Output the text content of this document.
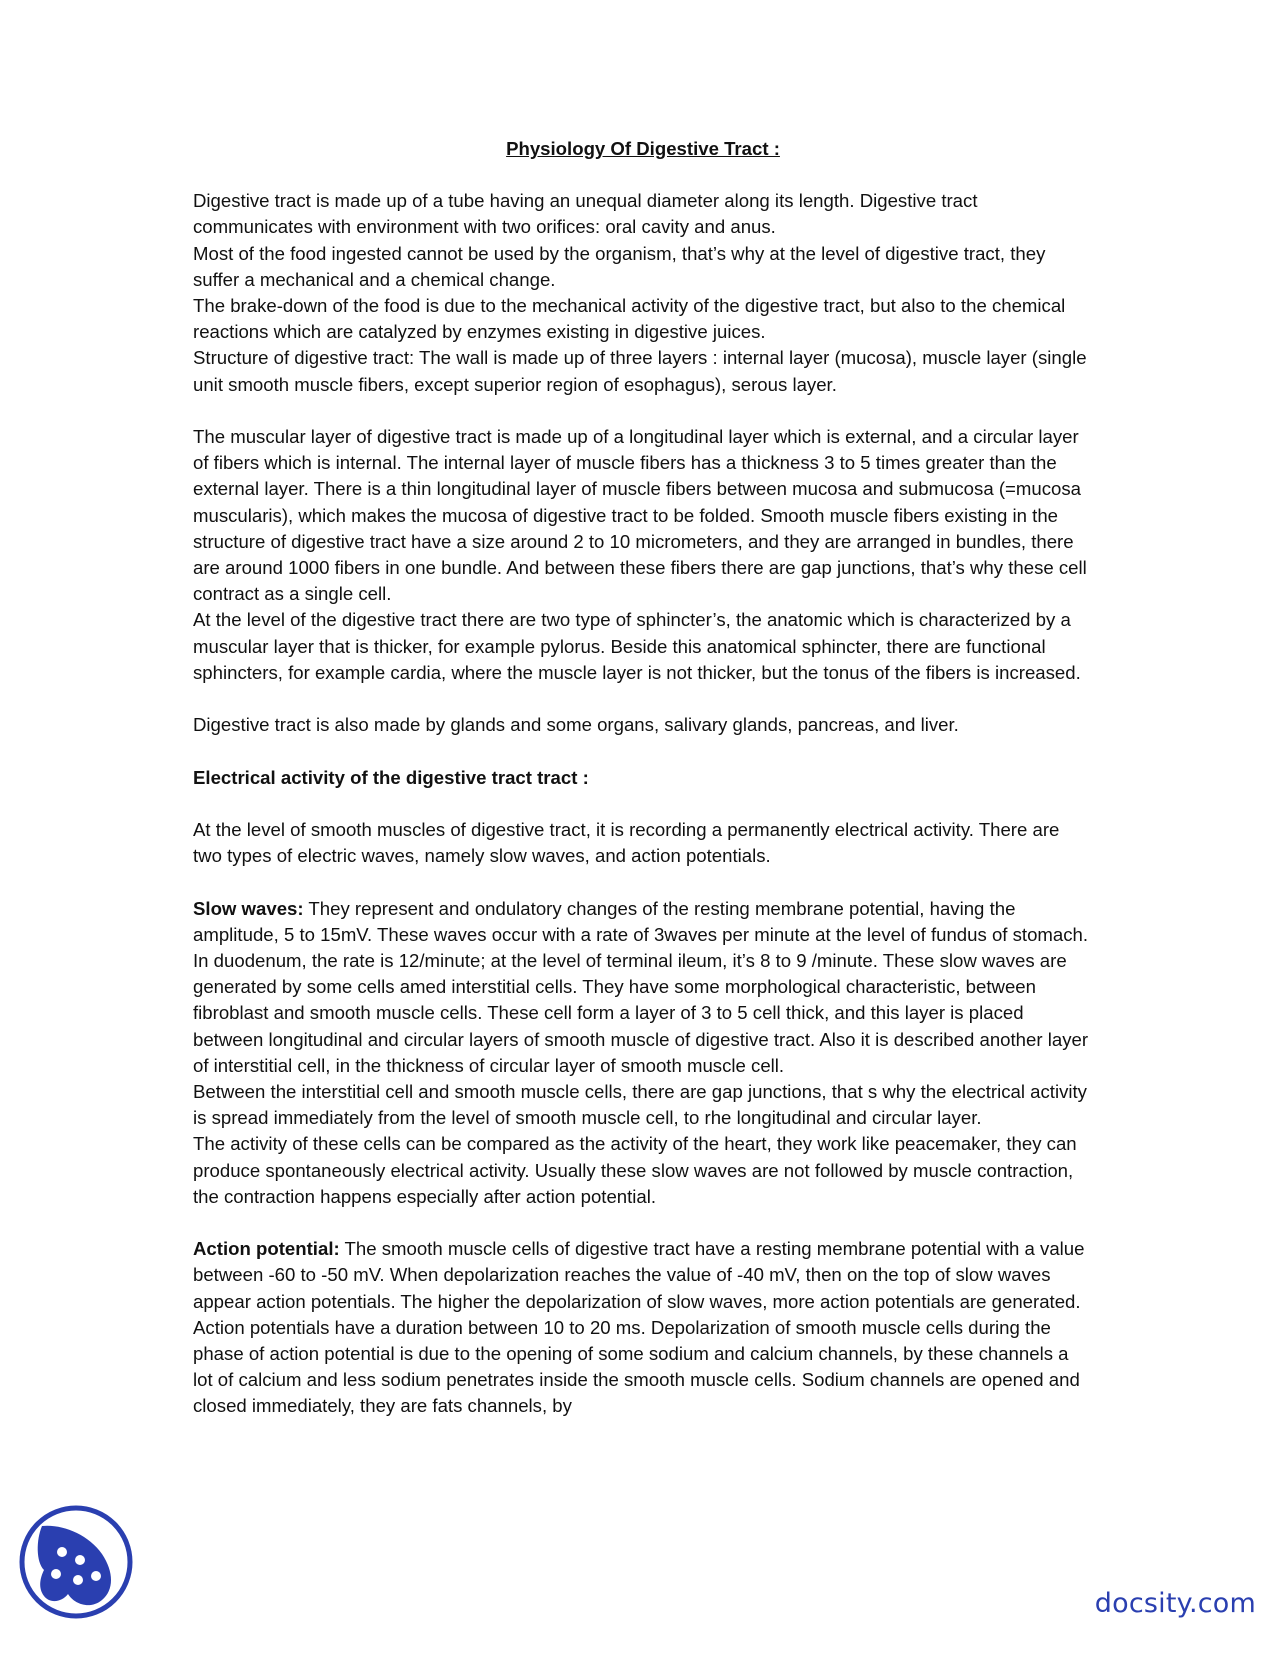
Physiology Of Digestive Tract :

Digestive tract is made up of a tube having an unequal diameter along its length. Digestive tract communicates with environment with two orifices: oral cavity and anus.

Most of the food ingested cannot be used by the organism, that’s why at the level of digestive tract, they suffer a mechanical and a chemical change.

The brake-down of the food is due to the mechanical activity of the digestive tract, but also to the chemical reactions which are catalyzed by enzymes existing in digestive juices.

Structure of digestive tract: The wall is made up of three layers : internal layer (mucosa), muscle layer (single unit smooth muscle fibers, except superior region of esophagus), serous layer.

The muscular layer of digestive tract is made up of a longitudinal layer which is external, and a circular layer of fibers which is internal. The internal layer of muscle fibers has a thickness 3 to 5 times greater than the external layer. There is a thin longitudinal layer of muscle fibers between mucosa and submucosa (=mucosa muscularis), which makes the mucosa of digestive tract to be folded. Smooth muscle fibers existing in the structure of digestive tract have a size around 2 to 10 micrometers, and they are arranged in bundles, there are around 1000 fibers in one bundle. And between these fibers there are gap junctions, that’s why these cell contract as a single cell.

At the level of the digestive tract there are two type of sphincter’s, the anatomic which is characterized by a muscular layer that is thicker, for example pylorus. Beside this anatomical sphincter, there are functional sphincters, for example cardia, where the muscle layer is not thicker, but the tonus of the fibers is increased.

Digestive tract is also made by glands and some organs, salivary glands, pancreas, and liver.

Electrical activity of the digestive tract tract :

At the level of smooth muscles of digestive tract, it is recording a permanently electrical activity. There are two types of electric waves, namely slow waves, and action potentials.

Slow waves: They represent and ondulatory changes of the resting membrane potential, having the amplitude, 5 to 15mV. These waves occur with a rate of 3waves per minute at the level of fundus of stomach. In duodenum, the rate is 12/minute; at the level of terminal ileum, it’s 8 to 9 /minute. These slow waves are generated by some cells amed interstitial cells. They have some morphological characteristic, between fibroblast and smooth muscle cells. These cell form a layer of 3 to 5 cell thick, and this layer is placed between longitudinal and circular layers of smooth muscle of digestive tract. Also it is described another layer of interstitial cell, in the thickness of circular layer of smooth muscle cell.

Between the interstitial cell and smooth muscle cells, there are gap junctions, that s why the electrical activity is spread immediately from the level of smooth muscle cell, to rhe longitudinal and circular layer.

The activity of these cells can be compared as the activity of the heart, they work like peacemaker, they can produce spontaneously electrical activity. Usually these slow waves are not followed by muscle contraction, the contraction happens especially after action potential.

Action potential: The smooth muscle cells of digestive tract have a resting membrane potential with a value between -60 to -50 mV. When depolarization reaches the value of -40 mV, then on the top of slow waves appear action potentials. The higher the depolarization of slow waves, more action potentials are generated. Action potentials have a duration between 10 to 20 ms. Depolarization of smooth muscle cells during the phase of action potential is due to the opening of some sodium and calcium channels, by these channels a lot of calcium and less sodium penetrates inside the smooth muscle cells. Sodium channels are opened and closed immediately, they are fats channels, by

docsity.com
